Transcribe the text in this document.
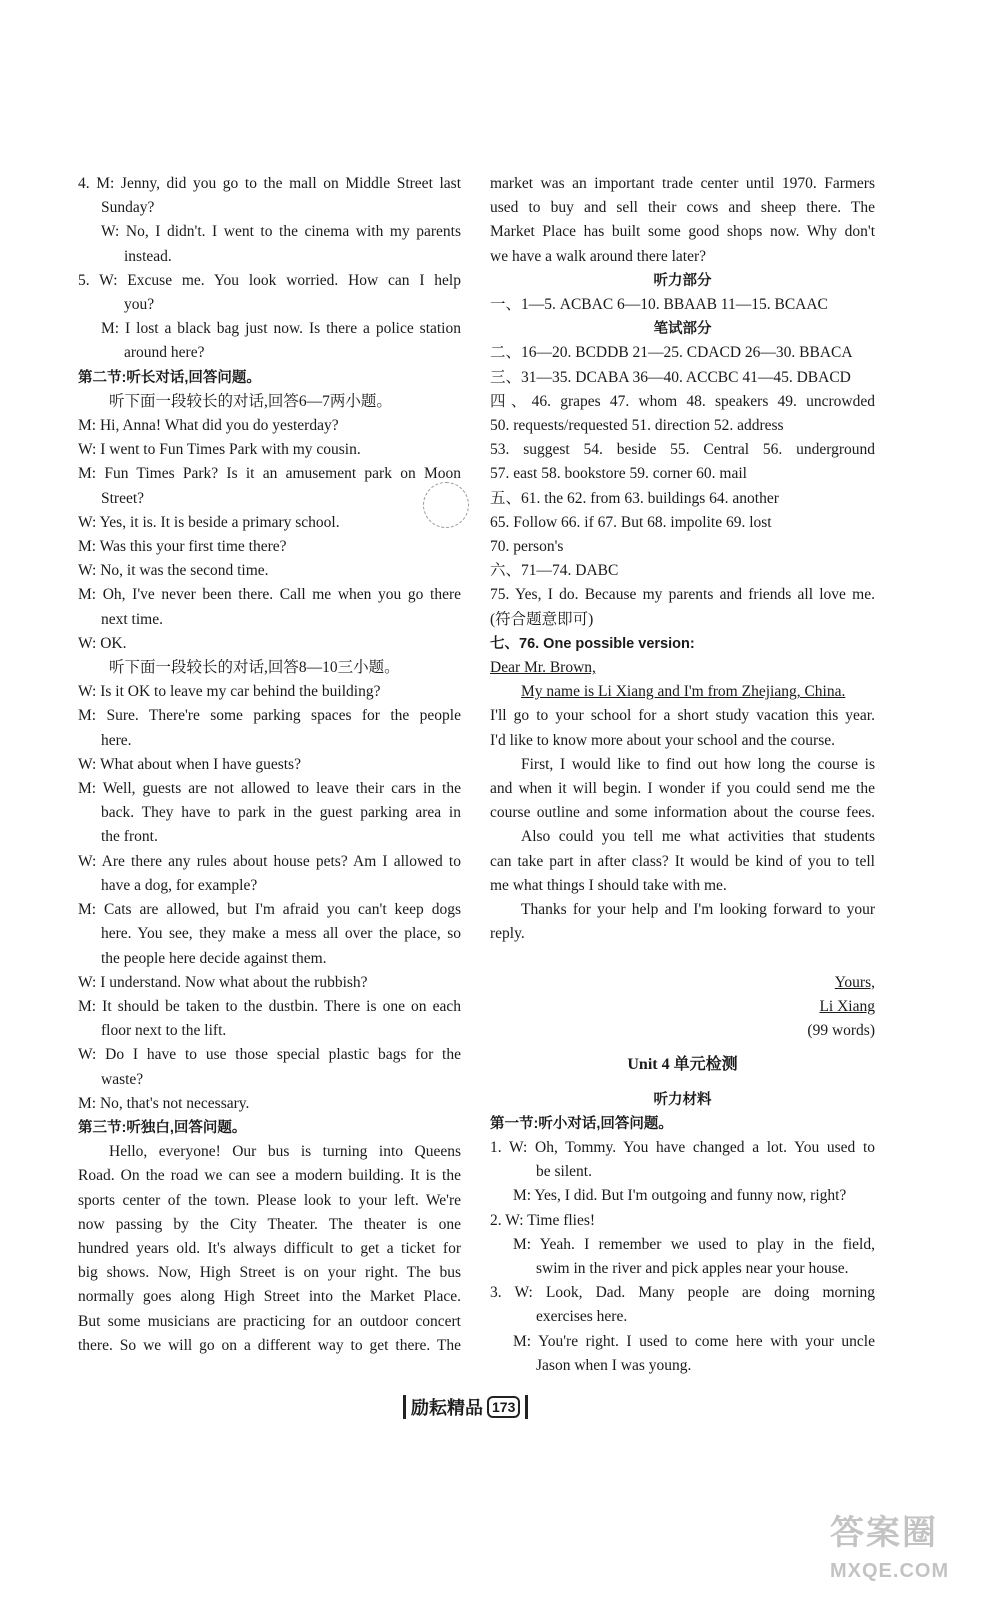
4. M: Jenny, did you go to the mall on Middle Street last
Sunday?
W: No, I didn't. I went to the cinema with my parents
instead.
5. W: Excuse me. You look worried. How can I help
you?
M: I lost a black bag just now. Is there a police station
around here?
第二节:听长对话,回答问题。
听下面一段较长的对话,回答6—7两小题。
M: Hi, Anna! What did you do yesterday?
W: I went to Fun Times Park with my cousin.
M: Fun Times Park? Is it an amusement park on Moon
Street?
W: Yes, it is. It is beside a primary school.
M: Was this your first time there?
W: No, it was the second time.
M: Oh, I've never been there. Call me when you go there
next time.
W: OK.
听下面一段较长的对话,回答8—10三小题。
W: Is it OK to leave my car behind the building?
M: Sure. There're some parking spaces for the people
here.
W: What about when I have guests?
M: Well, guests are not allowed to leave their cars in the
back. They have to park in the guest parking area in
the front.
W: Are there any rules about house pets? Am I allowed to
have a dog, for example?
M: Cats are allowed, but I'm afraid you can't keep dogs
here. You see, they make a mess all over the place, so
the people here decide against them.
W: I understand. Now what about the rubbish?
M: It should be taken to the dustbin. There is one on each
floor next to the lift.
W: Do I have to use those special plastic bags for the
waste?
M: No, that's not necessary.
第三节:听独白,回答问题。
Hello, everyone! Our bus is turning into Queens
Road. On the road we can see a modern building. It is the
sports center of the town. Please look to your left. We're
now passing by the City Theater. The theater is one
hundred years old. It's always difficult to get a ticket for
big shows. Now, High Street is on your right. The bus
normally goes along High Street into the Market Place.
But some musicians are practicing for an outdoor concert
there. So we will go on a different way to get there. The
market was an important trade center until 1970. Farmers
used to buy and sell their cows and sheep there. The
Market Place has built some good shops now. Why don't
we have a walk around there later?
听力部分
一、1—5. ACBAC 6—10. BBAAB 11—15. BCAAC
笔试部分
二、16—20. BCDDB 21—25. CDACD 26—30. BBACA
三、31—35. DCABA 36—40. ACCBC 41—45. DBACD
四、46. grapes 47. whom 48. speakers 49. uncrowded
50. requests/requested 51. direction 52. address
53. suggest 54. beside 55. Central 56. underground
57. east 58. bookstore 59. corner 60. mail
五、61. the 62. from 63. buildings 64. another
65. Follow 66. if 67. But 68. impolite 69. lost
70. person's
六、71—74. DABC
75. Yes, I do. Because my parents and friends all love me.
(符合题意即可)
七、76. One possible version:
Dear Mr. Brown,
My name is Li Xiang and I'm from Zhejiang, China.
I'll go to your school for a short study vacation this year.
I'd like to know more about your school and the course.
First, I would like to find out how long the course is
and when it will begin. I wonder if you could send me the
course outline and some information about the course fees.
Also could you tell me what activities that students
can take part in after class? It would be kind of you to tell
me what things I should take with me.
Thanks for your help and I'm looking forward to your
reply.

Yours,
Li Xiang
(99 words)
Unit 4 单元检测
听力材料
第一节:听小对话,回答问题。
1. W: Oh, Tommy. You have changed a lot. You used to
be silent.
M: Yes, I did. But I'm outgoing and funny now, right?
2. W: Time flies!
M: Yeah. I remember we used to play in the field,
swim in the river and pick apples near your house.
3. W: Look, Dad. Many people are doing morning
exercises here.
M: You're right. I used to come here with your uncle
Jason when I was young.
励耘精品 173
答案圈
MXQE.COM
